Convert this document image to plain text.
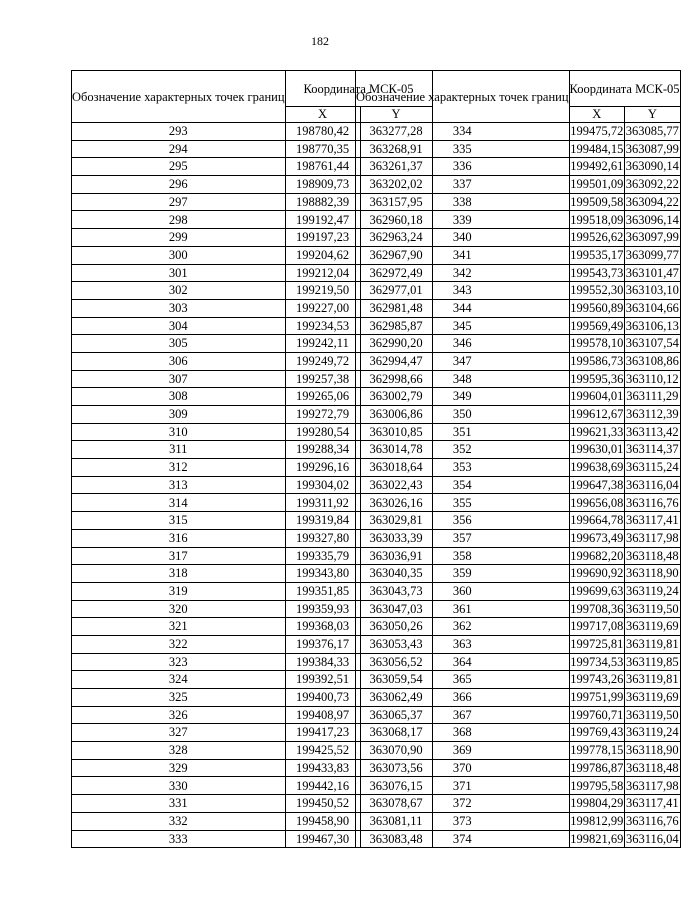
182
Обозначение характерных точек границ	Координата МСК-05	
	X	Y
293	198780,42	363277,28
294	198770,35	363268,91
295	198761,44	363261,37
296	198909,73	363202,02
297	198882,39	363157,95
298	199192,47	362960,18
299	199197,23	362963,24
300	199204,62	362967,90
301	199212,04	362972,49
302	199219,50	362977,01
303	199227,00	362981,48
304	199234,53	362985,87
305	199242,11	362990,20
306	199249,72	362994,47
307	199257,38	362998,66
308	199265,06	363002,79
309	199272,79	363006,86
310	199280,54	363010,85
311	199288,34	363014,78
312	199296,16	363018,64
313	199304,02	363022,43
314	199311,92	363026,16
315	199319,84	363029,81
316	199327,80	363033,39
317	199335,79	363036,91
318	199343,80	363040,35
319	199351,85	363043,73
320	199359,93	363047,03
321	199368,03	363050,26
322	199376,17	363053,43
323	199384,33	363056,52
324	199392,51	363059,54
325	199400,73	363062,49
326	199408,97	363065,37
327	199417,23	363068,17
328	199425,52	363070,90
329	199433,83	363073,56
330	199442,16	363076,15
331	199450,52	363078,67
332	199458,90	363081,11
333	199467,30	363083,48
Обозначение характерных точек границ	Координата МСК-05	
	X	Y
334	199475,72	363085,77
335	199484,15	363087,99
336	199492,61	363090,14
337	199501,09	363092,22
338	199509,58	363094,22
339	199518,09	363096,14
340	199526,62	363097,99
341	199535,17	363099,77
342	199543,73	363101,47
343	199552,30	363103,10
344	199560,89	363104,66
345	199569,49	363106,13
346	199578,10	363107,54
347	199586,73	363108,86
348	199595,36	363110,12
349	199604,01	363111,29
350	199612,67	363112,39
351	199621,33	363113,42
352	199630,01	363114,37
353	199638,69	363115,24
354	199647,38	363116,04
355	199656,08	363116,76
356	199664,78	363117,41
357	199673,49	363117,98
358	199682,20	363118,48
359	199690,92	363118,90
360	199699,63	363119,24
361	199708,36	363119,50
362	199717,08	363119,69
363	199725,81	363119,81
364	199734,53	363119,85
365	199743,26	363119,81
366	199751,99	363119,69
367	199760,71	363119,50
368	199769,43	363119,24
369	199778,15	363118,90
370	199786,87	363118,48
371	199795,58	363117,98
372	199804,29	363117,41
373	199812,99	363116,76
374	199821,69	363116,04
